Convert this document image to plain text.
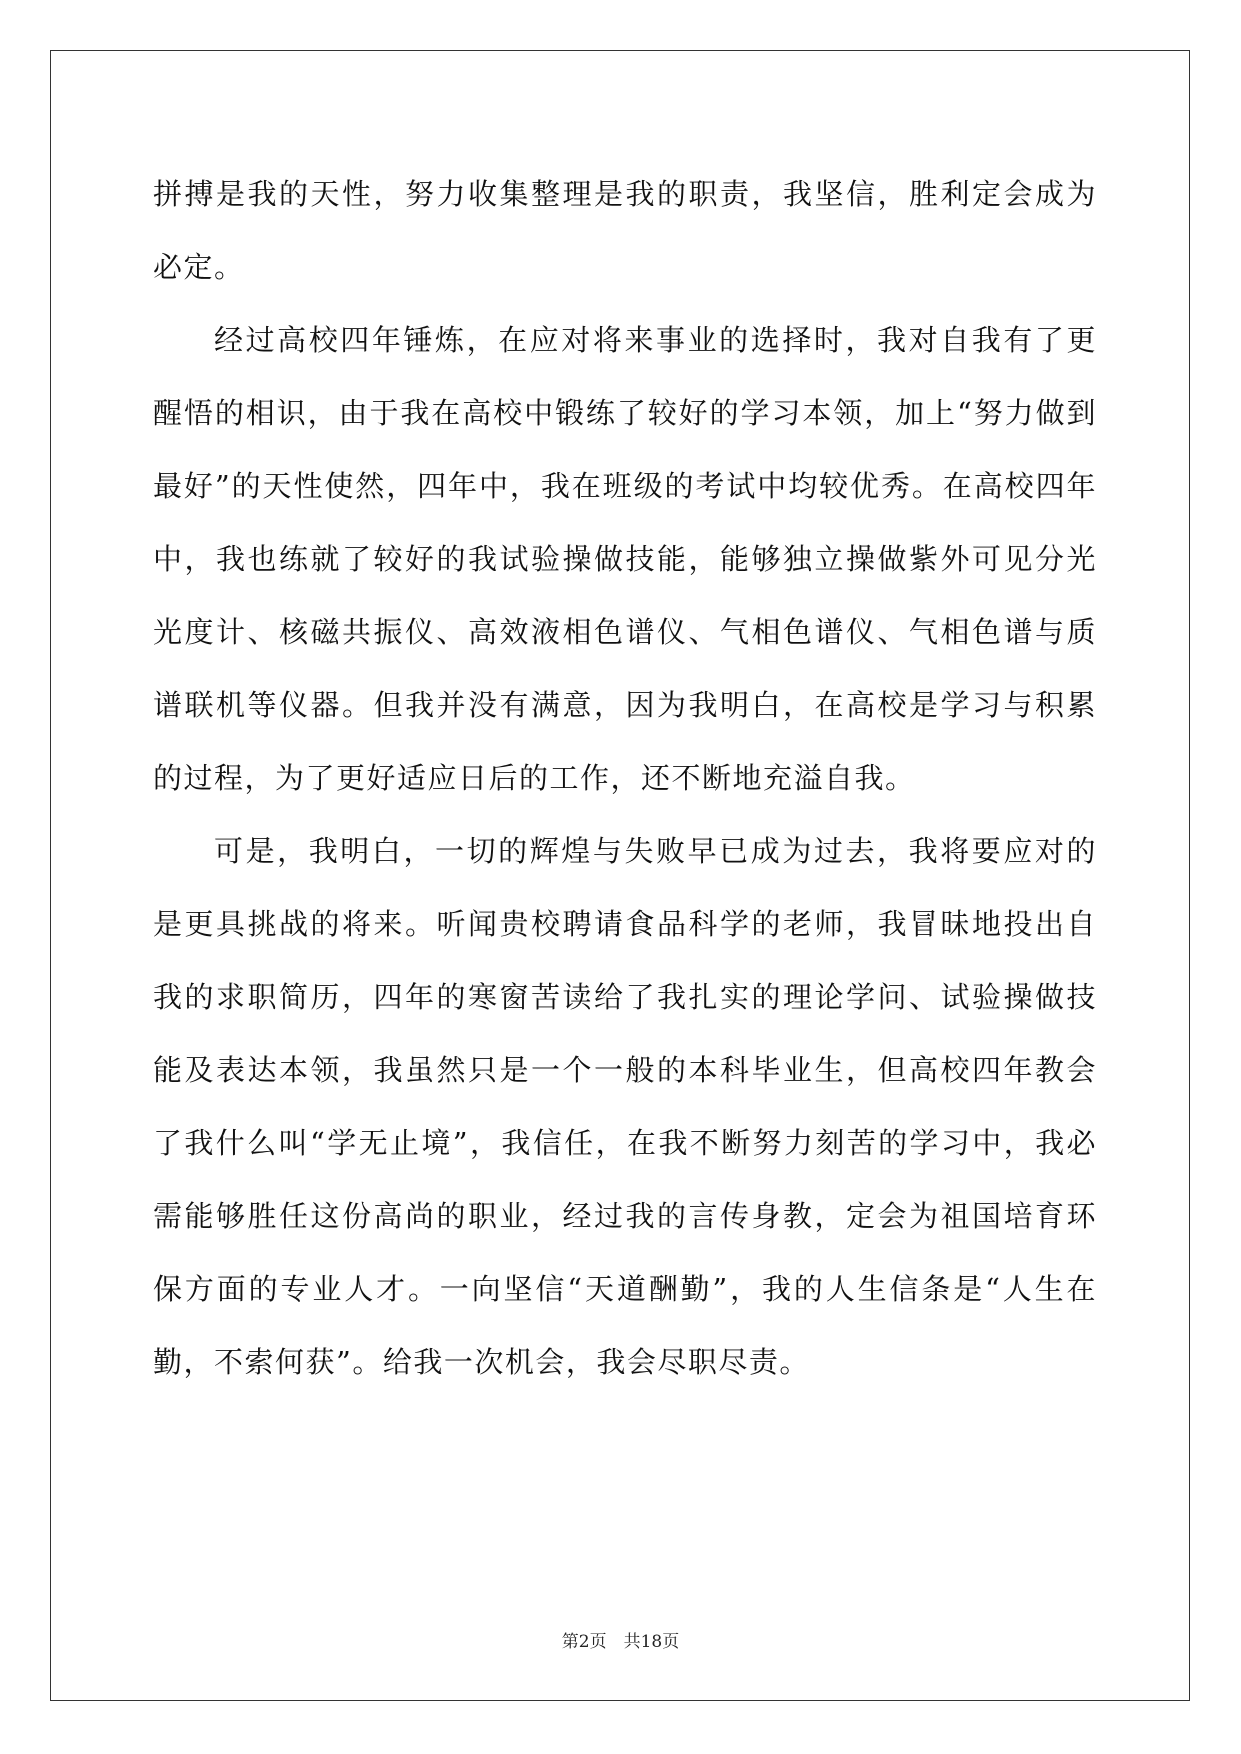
拼搏是我的天性，努力收集整理是我的职责，我坚信，胜利定会成为必定。

经过高校四年锤炼，在应对将来事业的选择时，我对自我有了更醒悟的相识，由于我在高校中锻练了较好的学习本领，加上“努力做到最好”的天性使然，四年中，我在班级的考试中均较优秀。在高校四年中，我也练就了较好的我试验操做技能，能够独立操做紫外可见分光光度计、核磁共振仪、高效液相色谱仪、气相色谱仪、气相色谱与质谱联机等仪器。但我并没有满意，因为我明白，在高校是学习与积累的过程，为了更好适应日后的工作，还不断地充溢自我。

可是，我明白，一切的辉煌与失败早已成为过去，我将要应对的是更具挑战的将来。听闻贵校聘请食品科学的老师，我冒昧地投出自我的求职简历，四年的寒窗苦读给了我扎实的理论学问、试验操做技能及表达本领，我虽然只是一个一般的本科毕业生，但高校四年教会了我什么叫“学无止境”，我信任，在我不断努力刻苦的学习中，我必需能够胜任这份高尚的职业，经过我的言传身教，定会为祖国培育环保方面的专业人才。一向坚信“天道酬勤”，我的人生信条是“人生在勤，不索何获”。给我一次机会，我会尽职尽责。

第2页　共18页
